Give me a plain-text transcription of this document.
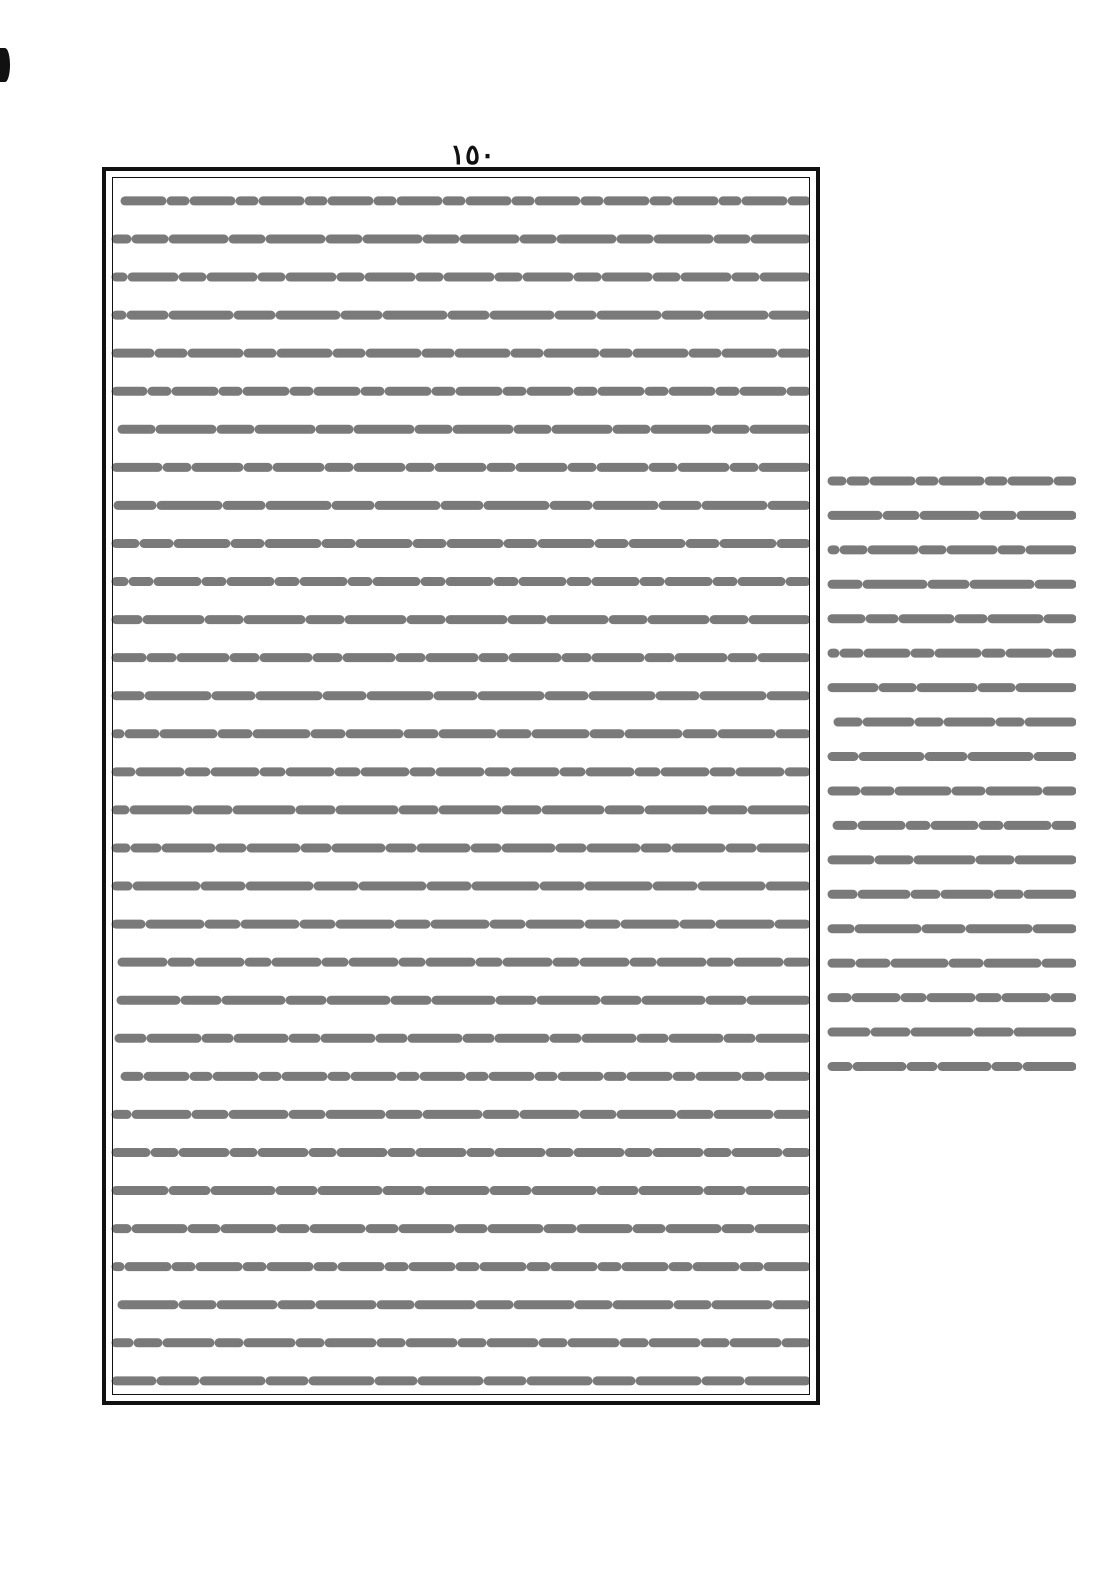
١٥٠
